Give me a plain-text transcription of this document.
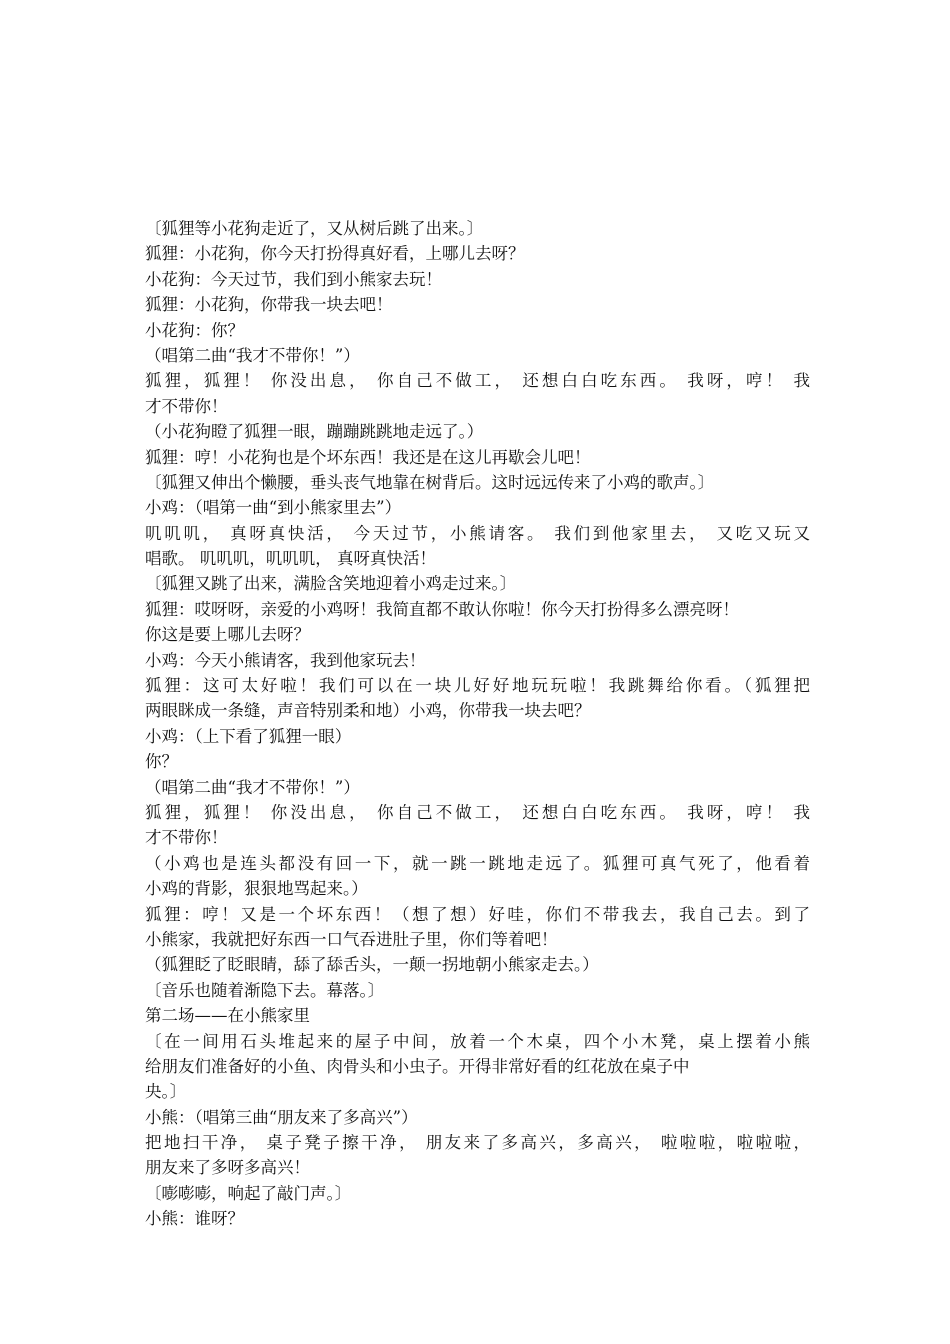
〔狐狸等小花狗走近了，又从树后跳了出来。〕
狐狸：小花狗，你今天打扮得真好看，上哪儿去呀？
小花狗：今天过节，我们到小熊家去玩！
狐狸：小花狗，你带我一块去吧！
小花狗：你？
（唱第二曲“我才不带你！”）
狐狸，狐狸！ 你没出息， 你自己不做工， 还想白白吃东西。 我呀，哼！ 我
才不带你！
（小花狗瞪了狐狸一眼，蹦蹦跳跳地走远了。）
狐狸：哼！小花狗也是个坏东西！我还是在这儿再歇会儿吧！
〔狐狸又伸出个懒腰，垂头丧气地靠在树背后。这时远远传来了小鸡的歌声。〕
小鸡：（唱第一曲“到小熊家里去”）
叽叽叽， 真呀真快活， 今天过节，小熊请客。 我们到他家里去， 又吃又玩又
唱歌。 叽叽叽，叽叽叽， 真呀真快活！
〔狐狸又跳了出来，满脸含笑地迎着小鸡走过来。〕
狐狸：哎呀呀，亲爱的小鸡呀！我简直都不敢认你啦！你今天打扮得多么漂亮呀！
你这是要上哪儿去呀？
小鸡：今天小熊请客，我到他家玩去！
狐狸：这可太好啦！我们可以在一块儿好好地玩玩啦！我跳舞给你看。（狐狸把
两眼眯成一条缝，声音特别柔和地）小鸡，你带我一块去吧？
小鸡：（上下看了狐狸一眼）
你？
（唱第二曲“我才不带你！”）
狐狸，狐狸！ 你没出息， 你自己不做工， 还想白白吃东西。 我呀，哼！ 我
才不带你！
（小鸡也是连头都没有回一下，就一跳一跳地走远了。狐狸可真气死了，他看着
小鸡的背影，狠狠地骂起来。）
狐狸：哼！又是一个坏东西！（想了想）好哇，你们不带我去，我自己去。到了
小熊家，我就把好东西一口气吞进肚子里，你们等着吧！
（狐狸眨了眨眼睛，舔了舔舌头，一颠一拐地朝小熊家走去。）
〔音乐也随着渐隐下去。幕落。〕
第二场——在小熊家里
〔在一间用石头堆起来的屋子中间，放着一个木桌，四个小木凳，桌上摆着小熊
给朋友们准备好的小鱼、肉骨头和小虫子。开得非常好看的红花放在桌子中
央。〕
小熊：（唱第三曲“朋友来了多高兴”）
把地扫干净， 桌子凳子擦干净， 朋友来了多高兴，多高兴， 啦啦啦，啦啦啦，
朋友来了多呀多高兴！
〔嘭嘭嘭，响起了敲门声。〕
小熊：谁呀？
